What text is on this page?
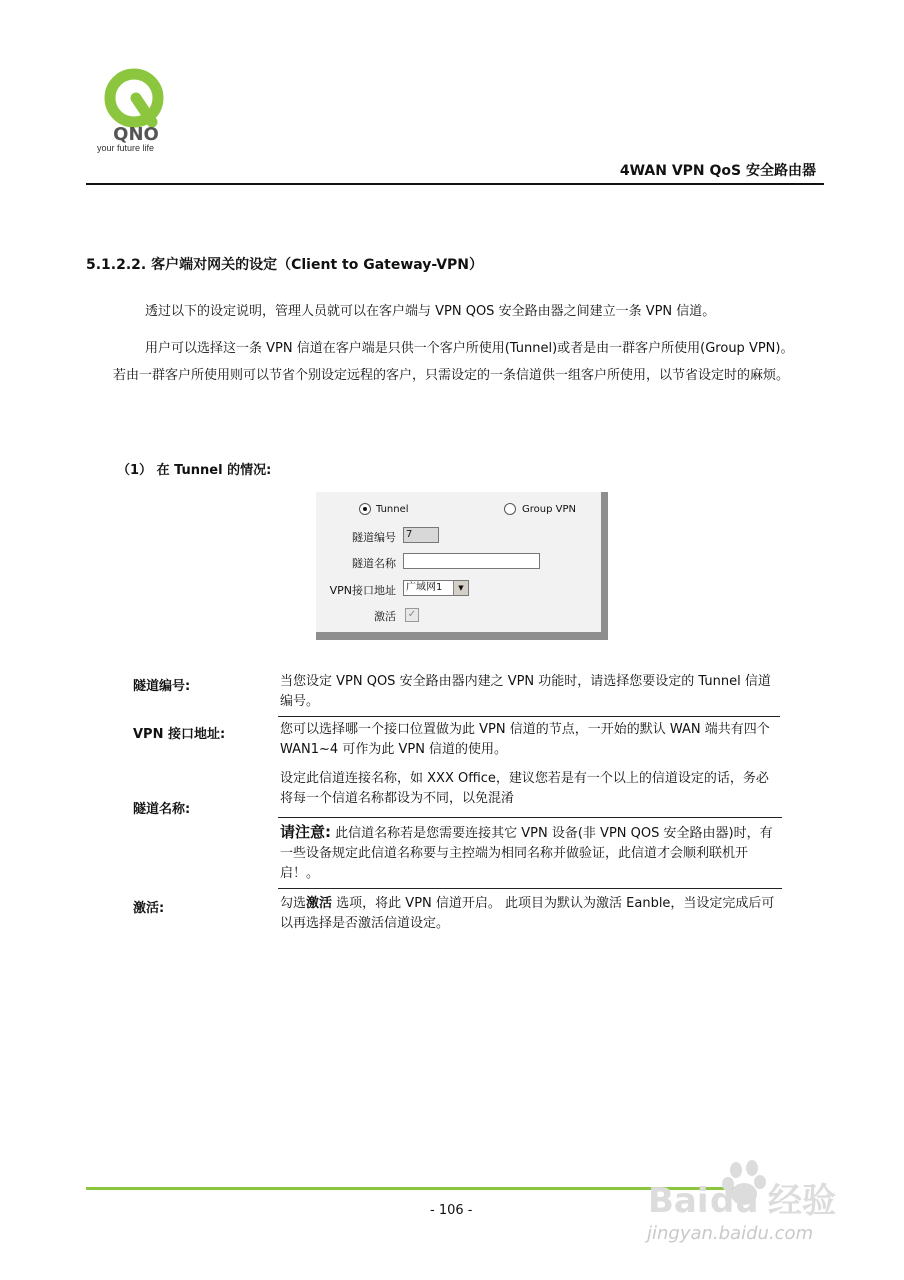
QNO
your future life
4WAN VPN QoS 安全路由器
5.1.2.2. 客户端对网关的设定（Client to Gateway-VPN）
透过以下的设定说明，管理人员就可以在客户端与 VPN QOS 安全路由器之间建立一条 VPN 信道。
用户可以选择这一条 VPN 信道在客户端是只供一个客户所使用(Tunnel)或者是由一群客户所使用(Group VPN)。若由一群客户所使用则可以节省个别设定远程的客户，只需设定的一条信道供一组客户所使用，以节省设定时的麻烦。
（1） 在 Tunnel 的情况:
Tunnel	Group VPN
隧道编号	7
隧道名称
VPN接口地址	广域网1	▼
激活 ✓
隧道编号:	当您设定 VPN QOS 安全路由器内建之 VPN 功能时，请选择您要设定的 Tunnel 信道编号。
VPN 接口地址:	您可以选择哪一个接口位置做为此 VPN 信道的节点，一开始的默认 WAN 端共有四个 WAN1~4 可作为此 VPN 信道的使用。
隧道名称:
设定此信道连接名称，如 XXX Office，建议您若是有一个以上的信道设定的话，务必将每一个信道名称都设为不同，以免混淆
请注意: 此信道名称若是您需要连接其它 VPN 设备(非 VPN QOS 安全路由器)时，有一些设备规定此信道名称要与主控端为相同名称并做验证，此信道才会顺利联机开启！。
激活:	勾选激活 选项，将此 VPN 信道开启。 此项目为默认为激活 Eanble，当设定完成后可以再选择是否激活信道设定。
- 106 -	Bai du 经验
jingyan.baidu.com
